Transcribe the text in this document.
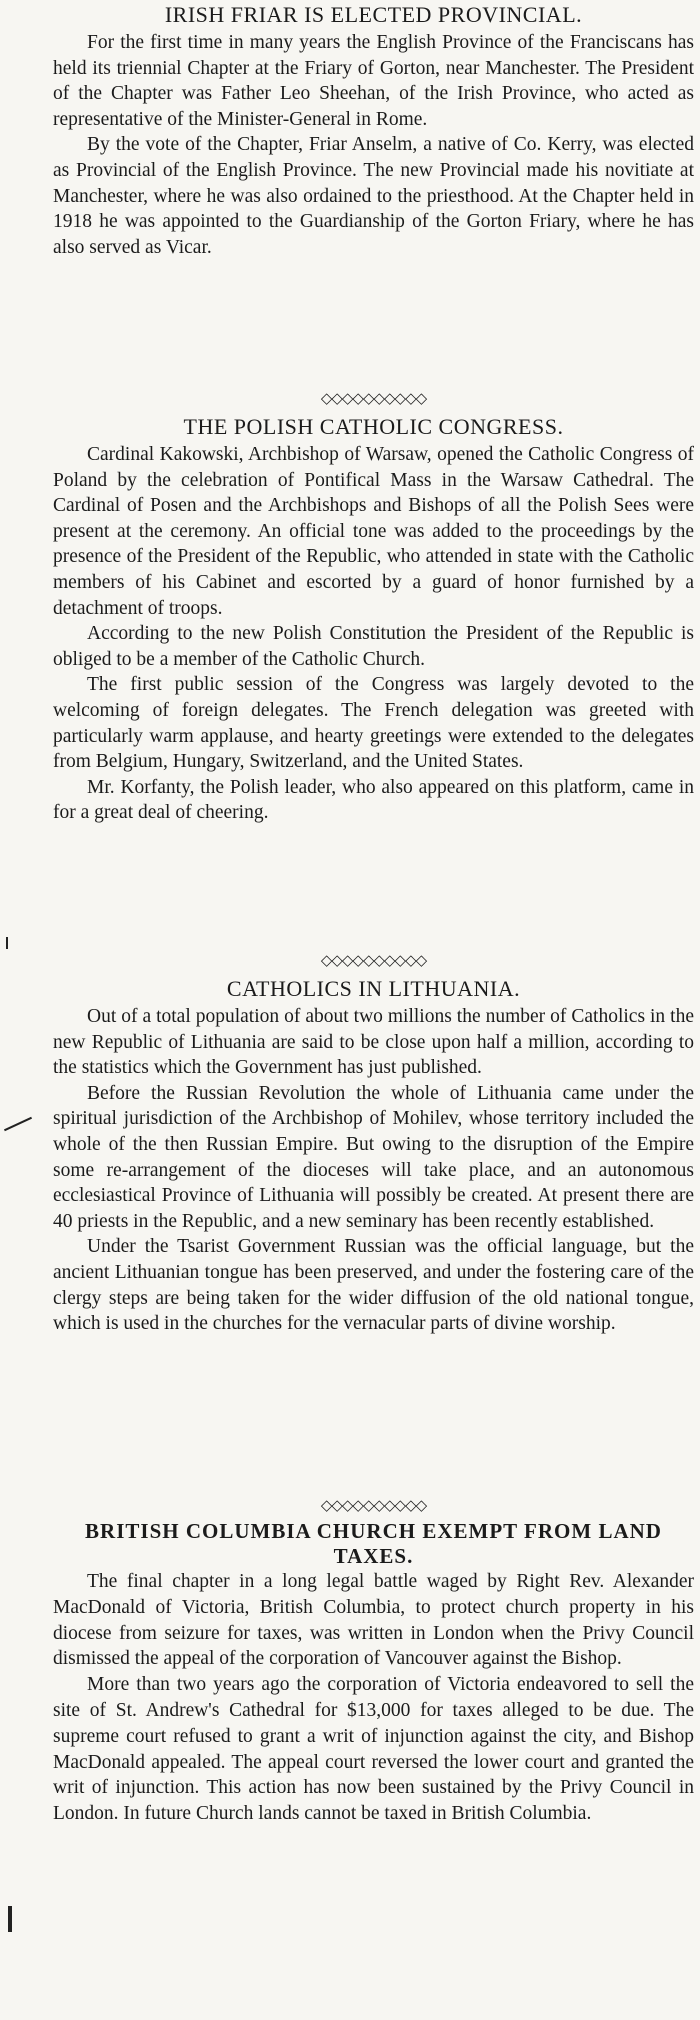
IRISH FRIAR IS ELECTED PROVINCIAL.

For the first time in many years the English Province of the Franciscans has held its triennial Chapter at the Friary of Gorton, near Manchester. The President of the Chapter was Father Leo Sheehan, of the Irish Province, who acted as representative of the Minister-General in Rome.

By the vote of the Chapter, Friar Anselm, a native of Co. Kerry, was elected as Provincial of the English Province. The new Provincial made his novitiate at Manchester, where he was also ordained to the priesthood. At the Chapter held in 1918 he was appointed to the Guardianship of the Gorton Friary, where he has also served as Vicar.

◇◇◇◇◇◇◇◇◇◇
THE POLISH CATHOLIC CONGRESS.

Cardinal Kakowski, Archbishop of Warsaw, opened the Catholic Congress of Poland by the celebration of Pontifical Mass in the Warsaw Cathedral. The Cardinal of Posen and the Archbishops and Bishops of all the Polish Sees were present at the ceremony. An official tone was added to the proceedings by the presence of the President of the Republic, who attended in state with the Catholic members of his Cabinet and escorted by a guard of honor furnished by a detachment of troops.

According to the new Polish Constitution the President of the Republic is obliged to be a member of the Catholic Church.

The first public session of the Congress was largely devoted to the welcoming of foreign delegates. The French delegation was greeted with particularly warm applause, and hearty greetings were extended to the delegates from Belgium, Hungary, Switzerland, and the United States.

Mr. Korfanty, the Polish leader, who also appeared on this platform, came in for a great deal of cheering.

◇◇◇◇◇◇◇◇◇◇
CATHOLICS IN LITHUANIA.

Out of a total population of about two millions the number of Catholics in the new Republic of Lithuania are said to be close upon half a million, according to the statistics which the Government has just published.

Before the Russian Revolution the whole of Lithuania came under the spiritual jurisdiction of the Archbishop of Mohilev, whose territory included the whole of the then Russian Empire. But owing to the disruption of the Empire some re-arrangement of the dioceses will take place, and an autonomous ecclesiastical Province of Lithuania will possibly be created. At present there are 40 priests in the Republic, and a new seminary has been recently established.

Under the Tsarist Government Russian was the official language, but the ancient Lithuanian tongue has been preserved, and under the fostering care of the clergy steps are being taken for the wider diffusion of the old national tongue, which is used in the churches for the vernacular parts of divine worship.

◇◇◇◇◇◇◇◇◇◇
BRITISH COLUMBIA CHURCH EXEMPT FROM LAND TAXES.

The final chapter in a long legal battle waged by Right Rev. Alexander MacDonald of Victoria, British Columbia, to protect church property in his diocese from seizure for taxes, was written in London when the Privy Council dismissed the appeal of the corporation of Vancouver against the Bishop.

More than two years ago the corporation of Victoria endeavored to sell the site of St. Andrew's Cathedral for $13,000 for taxes alleged to be due. The supreme court refused to grant a writ of injunction against the city, and Bishop MacDonald appealed. The appeal court reversed the lower court and granted the writ of injunction. This action has now been sustained by the Privy Council in London. In future Church lands cannot be taxed in British Columbia.
